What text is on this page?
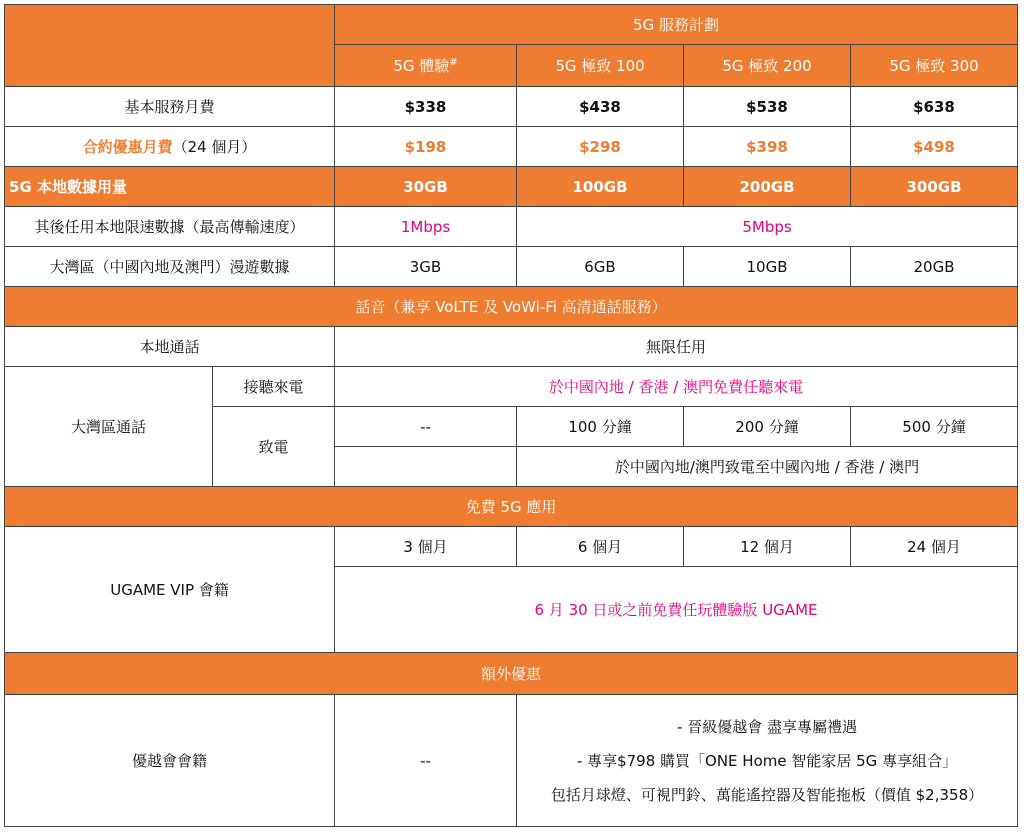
		5G 服務計劃			
		5G 體驗#	5G 極致 100	5G 極致 200	5G 極致 300
基本服務月費		$338	$438	$538	$638
合約優惠月費（24 個月）		$198	$298	$398	$498
5G 本地數據用量		30GB	100GB	200GB	300GB
其後任用本地限速數據（最高傳輸速度）		1Mbps	5Mbps		
大灣區（中國內地及澳門）漫遊數據		3GB	6GB	10GB	20GB
話音（兼享 VoLTE 及 VoWi-Fi 高清通話服務）					
本地通話		無限任用			
大灣區通話	接聽來電	於中國內地 / 香港 / 澳門免費任聽來電			
	致電	--	100 分鐘	200 分鐘	500 分鐘
			於中國內地/澳門致電至中國內地 / 香港 / 澳門		
免費 5G 應用					
UGAME VIP 會籍		3 個月	6 個月	12 個月	24 個月
		6 月 30 日或之前免費任玩體驗版 UGAME			
額外優惠					
優越會會籍		--	- 晉級優越會 盡享專屬禮遇
- 專享$798 購買「ONE Home 智能家居 5G 專享組合」
包括月球燈、可視門鈴、萬能遙控器及智能拖板（價值 $2,358）		
